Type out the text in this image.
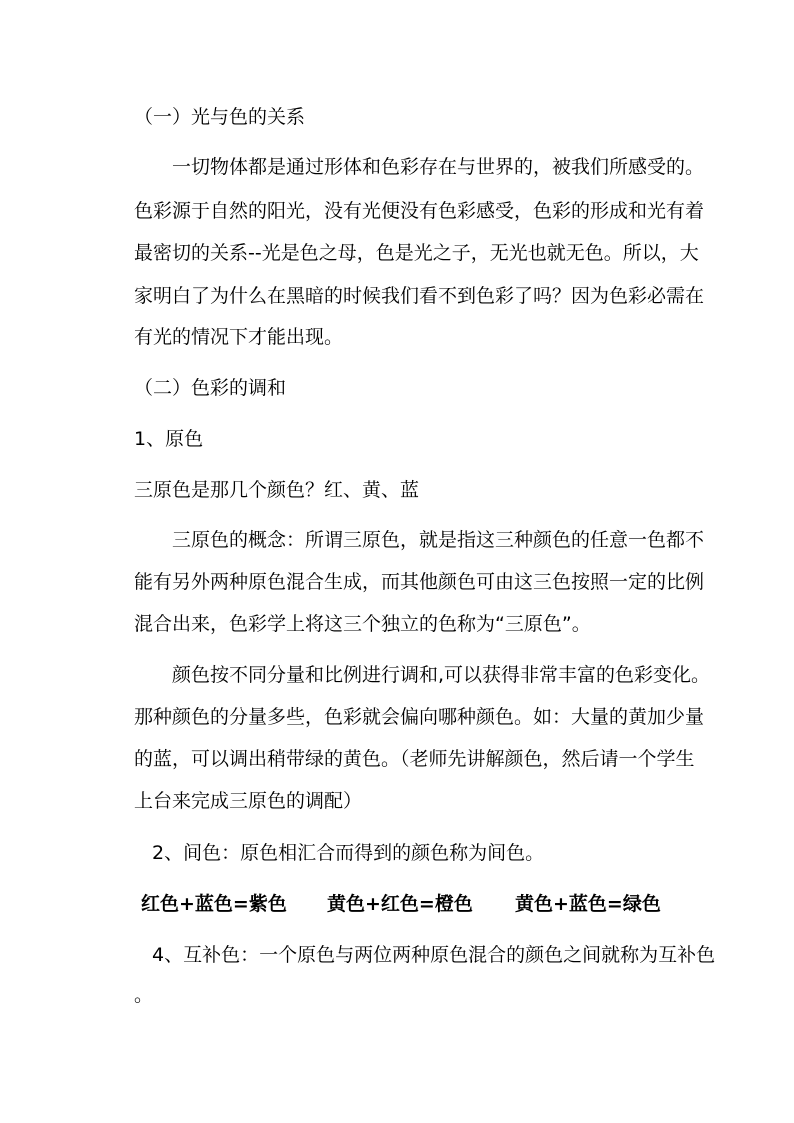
（一）光与色的关系
一切物体都是通过形体和色彩存在与世界的，被我们所感受的。
色彩源于自然的阳光，没有光便没有色彩感受，色彩的形成和光有着
最密切的关系--光是色之母，色是光之子，无光也就无色。所以，大
家明白了为什么在黑暗的时候我们看不到色彩了吗？因为色彩必需在
有光的情况下才能出现。
（二）色彩的调和
1、原色
三原色是那几个颜色？红、黄、蓝
三原色的概念：所谓三原色，就是指这三种颜色的任意一色都不
能有另外两种原色混合生成，而其他颜色可由这三色按照一定的比例
混合出来，色彩学上将这三个独立的色称为“三原色”。
颜色按不同分量和比例进行调和,可以获得非常丰富的色彩变化。
那种颜色的分量多些，色彩就会偏向哪种颜色。如：大量的黄加少量
的蓝，可以调出稍带绿的黄色。（老师先讲解颜色，然后请一个学生
上台来完成三原色的调配）
2、间色：原色相汇合而得到的颜色称为间色。
红色+蓝色=紫色 黄色+红色=橙色 黄色+蓝色=绿色
4、互补色：一个原色与两位两种原色混合的颜色之间就称为互补色
。
